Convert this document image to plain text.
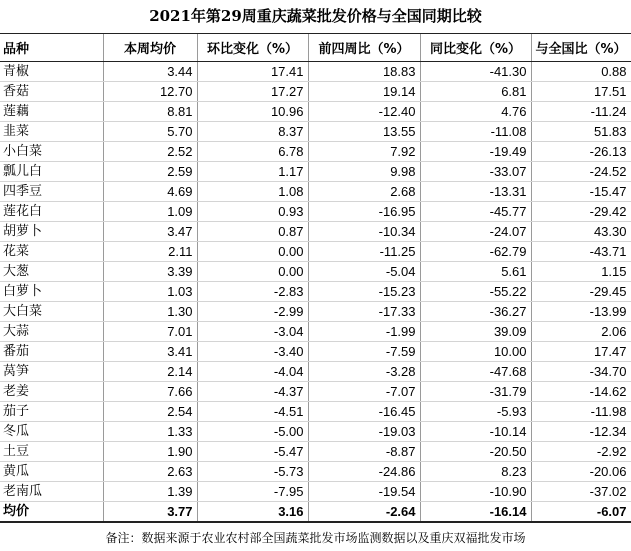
2021年第29周重庆蔬菜批发价格与全国同期比较
品种	本周均价	环比变化（%）	前四周比（%）	同比变化（%）	与全国比（%）
青椒	3.44	17.41	18.83	-41.30	0.88
香菇	12.70	17.27	19.14	6.81	17.51
莲藕	8.81	10.96	-12.40	4.76	-11.24
韭菜	5.70	8.37	13.55	-11.08	51.83
小白菜	2.52	6.78	7.92	-19.49	-26.13
瓢儿白	2.59	1.17	9.98	-33.07	-24.52
四季豆	4.69	1.08	2.68	-13.31	-15.47
莲花白	1.09	0.93	-16.95	-45.77	-29.42
胡萝卜	3.47	0.87	-10.34	-24.07	43.30
花菜	2.11	0.00	-11.25	-62.79	-43.71
大葱	3.39	0.00	-5.04	5.61	1.15
白萝卜	1.03	-2.83	-15.23	-55.22	-29.45
大白菜	1.30	-2.99	-17.33	-36.27	-13.99
大蒜	7.01	-3.04	-1.99	39.09	2.06
番茄	3.41	-3.40	-7.59	10.00	17.47
莴笋	2.14	-4.04	-3.28	-47.68	-34.70
老姜	7.66	-4.37	-7.07	-31.79	-14.62
茄子	2.54	-4.51	-16.45	-5.93	-11.98
冬瓜	1.33	-5.00	-19.03	-10.14	-12.34
土豆	1.90	-5.47	-8.87	-20.50	-2.92
黄瓜	2.63	-5.73	-24.86	8.23	-20.06
老南瓜	1.39	-7.95	-19.54	-10.90	-37.02
均价	3.77	3.16	-2.64	-16.14	-6.07
备注：数据来源于农业农村部全国蔬菜批发市场监测数据以及重庆双福批发市场
